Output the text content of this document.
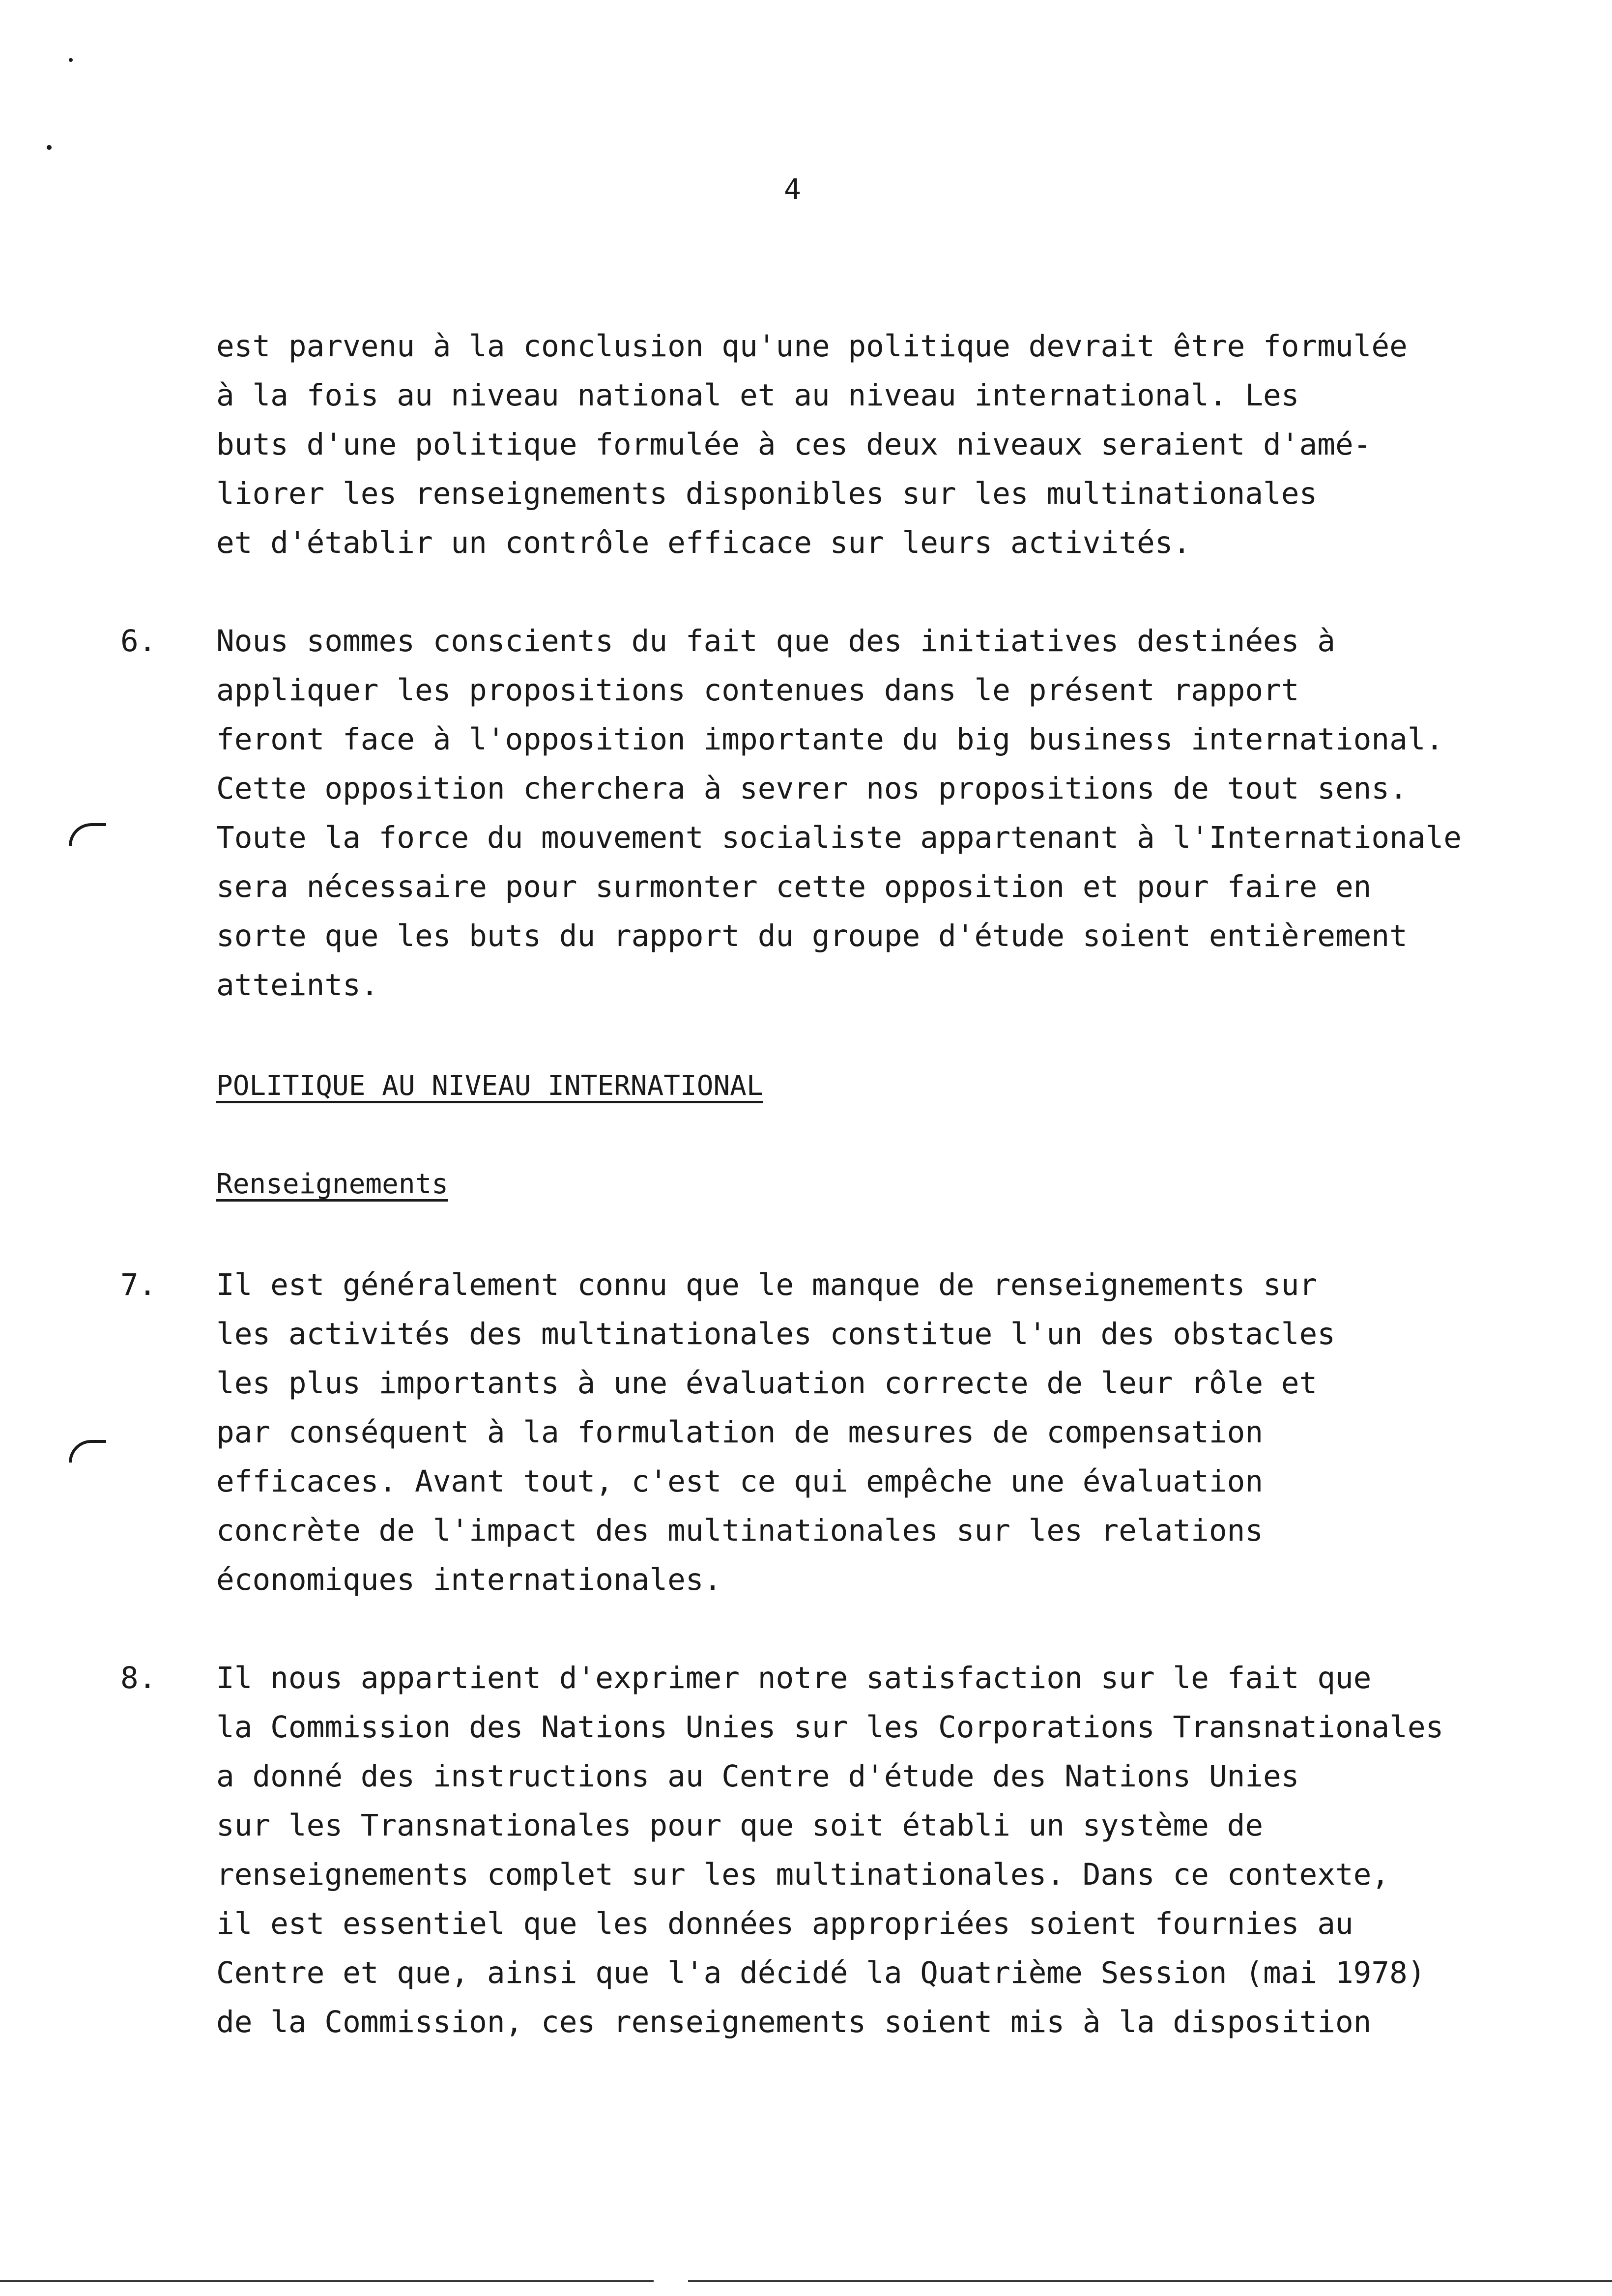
4
est parvenu à la conclusion qu'une politique devrait être formulée
à la fois au niveau national et au niveau international. Les
buts d'une politique formulée à ces deux niveaux seraient d'amé-
liorer les renseignements disponibles sur les multinationales
et d'établir un contrôle efficace sur leurs activités.
6. Nous sommes conscients du fait que des initiatives destinées à
appliquer les propositions contenues dans le présent rapport
feront face à l'opposition importante du big business international.
Cette opposition cherchera à sevrer nos propositions de tout sens.
Toute la force du mouvement socialiste appartenant à l'Internationale
sera nécessaire pour surmonter cette opposition et pour faire en
sorte que les buts du rapport du groupe d'étude soient entièrement
atteints.
POLITIQUE AU NIVEAU INTERNATIONAL
Renseignements
7. Il est généralement connu que le manque de renseignements sur
les activités des multinationales constitue l'un des obstacles
les plus importants à une évaluation correcte de leur rôle et
par conséquent à la formulation de mesures de compensation
efficaces. Avant tout, c'est ce qui empêche une évaluation
concrète de l'impact des multinationales sur les relations
économiques internationales.
8. Il nous appartient d'exprimer notre satisfaction sur le fait que
la Commission des Nations Unies sur les Corporations Transnationales
a donné des instructions au Centre d'étude des Nations Unies
sur les Transnationales pour que soit établi un système de
renseignements complet sur les multinationales. Dans ce contexte,
il est essentiel que les données appropriées soient fournies au
Centre et que, ainsi que l'a décidé la Quatrième Session (mai 1978)
de la Commission, ces renseignements soient mis à la disposition
